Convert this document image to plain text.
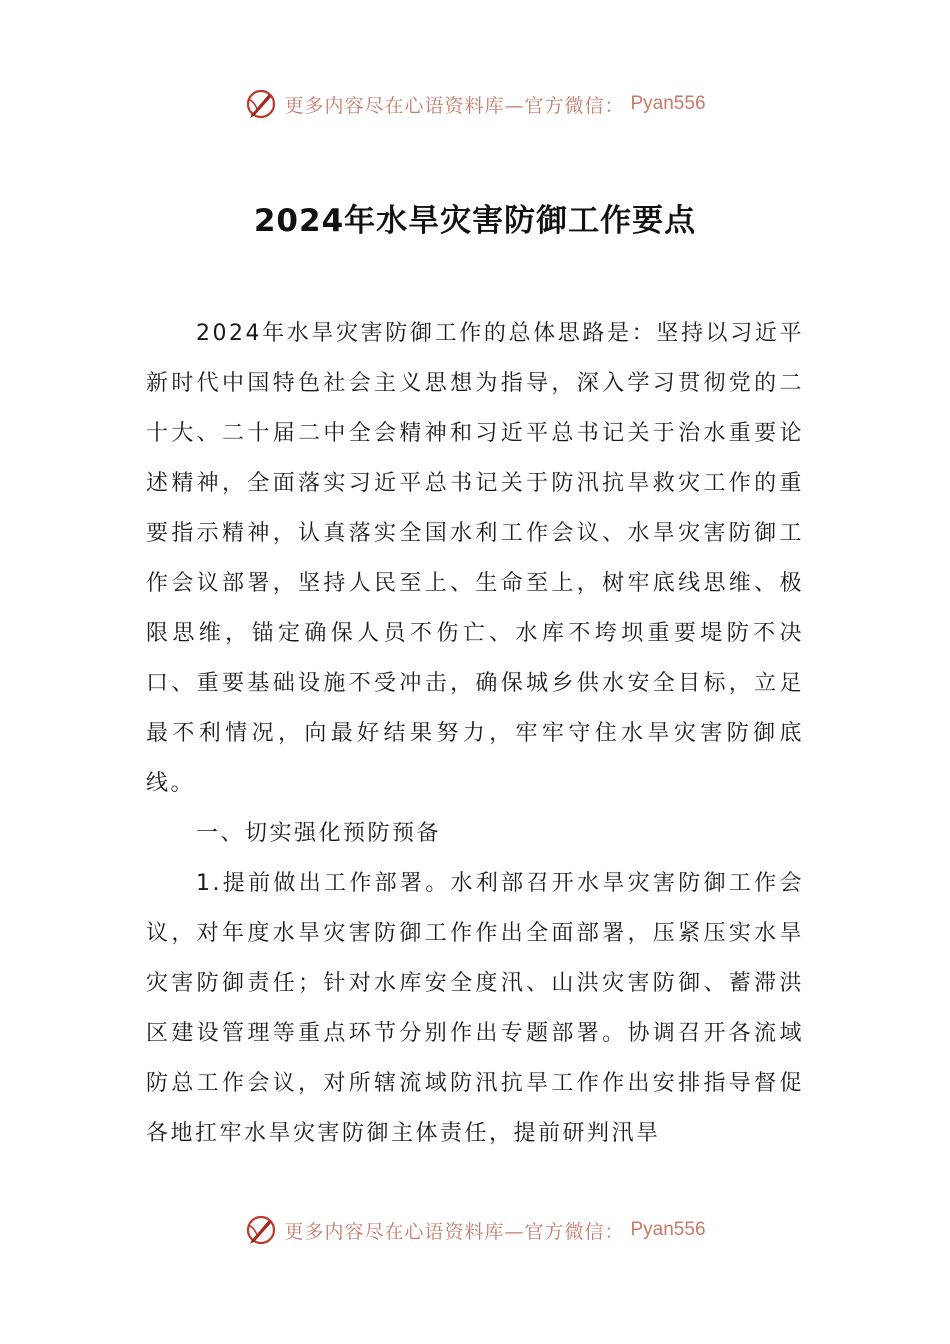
更多内容尽在心语资料库—官方微信： Pyan556
2024年水旱灾害防御工作要点

2024年水旱灾害防御工作的总体思路是：坚持以习近平新时代中国特色社会主义思想为指导，深入学习贯彻党的二十大、二十届二中全会精神和习近平总书记关于治水重要论述精神，全面落实习近平总书记关于防汛抗旱救灾工作的重要指示精神，认真落实全国水利工作会议、水旱灾害防御工作会议部署，坚持人民至上、生命至上，树牢底线思维、极限思维，锚定确保人员不伤亡、水库不垮坝重要堤防不决口、重要基础设施不受冲击，确保城乡供水安全目标，立足最不利情况，向最好结果努力，牢牢守住水旱灾害防御底线。

一、切实强化预防预备

1.提前做出工作部署。水利部召开水旱灾害防御工作会议，对年度水旱灾害防御工作作出全面部署，压紧压实水旱灾害防御责任；针对水库安全度汛、山洪灾害防御、蓄滞洪区建设管理等重点环节分别作出专题部署。协调召开各流域防总工作会议，对所辖流域防汛抗旱工作作出安排指导督促各地扛牢水旱灾害防御主体责任，提前研判汛旱

更多内容尽在心语资料库—官方微信： Pyan556
